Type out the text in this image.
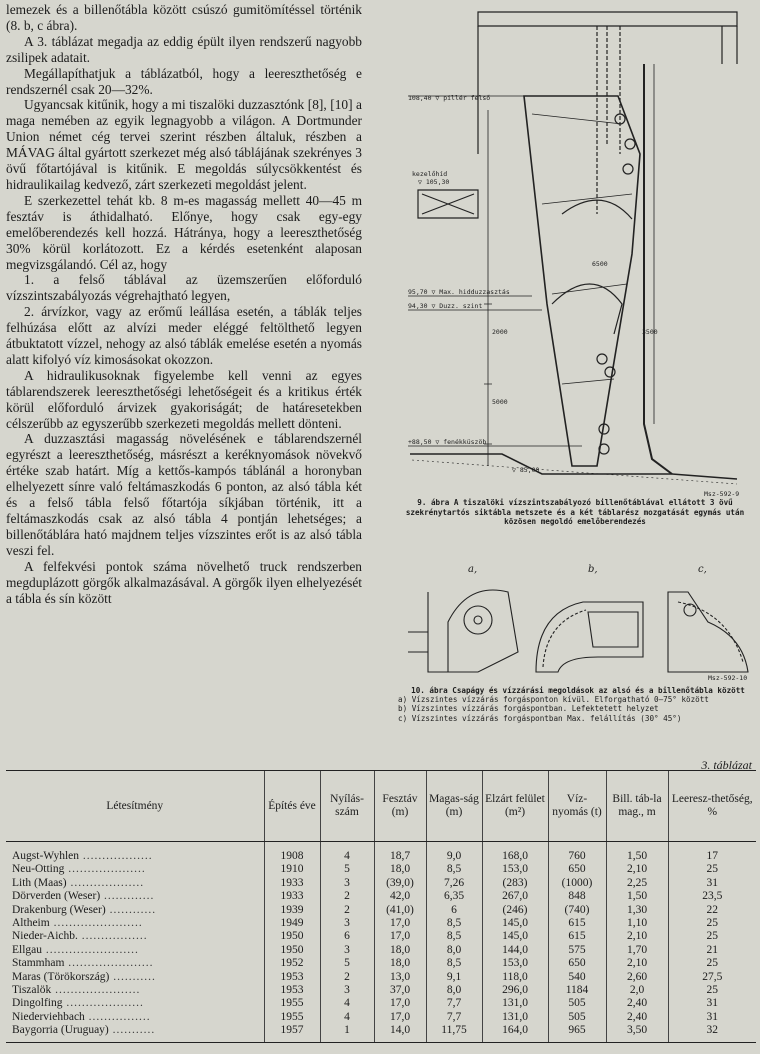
lemezek és a billenőtábla között csúszó gumitömítéssel történik (8. b, c ábra).

A 3. táblázat megadja az eddig épült ilyen rendszerű nagyobb zsilipek adatait.

Megállapíthatjuk a táblázatból, hogy a leereszthetőség e rendszernél csak 20—32%.

Ugyancsak kitűnik, hogy a mi tiszalöki duzzasztónk [8], [10] a maga nemében az egyik legnagyobb a világon. A Dortmunder Union német cég tervei szerint részben általuk, részben a MÁVAG által gyártott szerkezet még alsó táblájának szekrényes 3 övű főtartójával is kitűnik. E megoldás súlycsökkentést és hidraulikailag kedvező, zárt szerkezeti megoldást jelent.

E szerkezettel tehát kb. 8 m-es magasság mellett 40—45 m fesztáv is áthidalható. Előnye, hogy csak egy-egy emelőberendezés kell hozzá. Hátránya, hogy a leereszthetőség 30% körül korlátozott. Ez a kérdés esetenként alaposan megvizsgálandó. Cél az, hogy

1. a felső táblával az üzemszerűen előforduló vízszintszabályozás végrehajtható legyen,

2. árvízkor, vagy az erőmű leállása esetén, a táblák teljes felhúzása előtt az alvízi meder eléggé feltölthető legyen átbuktatott vízzel, nehogy az alsó táblák emelése esetén a nyomás alatt kifolyó víz kimosásokat okozzon.

A hidraulikusoknak figyelembe kell venni az egyes táblarendszerek leereszthetőségi lehetőségeit és a kritikus érték körül előforduló árvizek gyakoriságát; de határesetekben célszerűbb az egyszerűbb szerkezeti megoldás mellett dönteni.

A duzzasztási magasság növelésének e táblarendszernél egyrészt a leereszthetőség, másrészt a keréknyomások növekvő értéke szab határt. Míg a kettős-kampós táblánál a horonyban elhelyezett sínre való feltámaszkodás 6 ponton, az alsó tábla két és a felső tábla felső főtartója síkjában történik, itt a feltámaszkodás csak az alsó tábla 4 pontján lehetséges; a billenőtáblára ható majdnem teljes vízszintes erőt is az alsó tábla veszi fel.

A felfekvési pontok száma növelhető truck rendszerben megduplázott görgők alkalmazásával. A görgők ilyen elhelyezését a tábla és sín között

108,40 ▽ pillér felső
kezelőhíd
▽ 105,30
95,70 ▽ Max. hidduzzasztás
94,30 ▽ Duzz. szint
6500
2000
5000
3500
+88,50 ▽ fenékküszöb
▽ 85,00
Msz-592-9
9. ábra A tiszalöki vízszintszabályozó billenőtáblával ellátott 3 övű szekrénytartós siktábla metszete és a két táblarész mozgatását egymás után közösen megoldó emelőberendezés
a,	b,	c,
Msz-592-10
10. ábra Csapágy és vízzárási megoldások az alsó és a billenőtábla között
a) Vízszintes vízzárás forgásponton kívül. Elforgatható 0—75° között
b) Vízszintes vízzárás forgáspontban. Lefektetett helyzet
c) Vízszintes vízzárás forgáspontban Max. felállítás (30° 45°)
3. táblázat
Létesítmény	Építés éve	Nyílás-szám	Fesztáv (m)	Magas-ság (m)	Elzárt felület (m²)	Víz-nyomás (t)	Bill. táb-la mag., m	Leeresz-thetőség, %
Augst-Wyhlen ..................	1908	4	18,7	9,0	168,0	760	1,50	17
Neu-Otting ....................	1910	5	18,0	8,5	153,0	650	2,10	25
Lith (Maas) ...................	1933	3	(39,0)	7,26	(283)	(1000)	2,25	31
Dörverden (Weser) .............	1933	2	42,0	6,35	267,0	848	1,50	23,5
Drakenburg (Weser) ............	1939	2	(41,0)	6	(246)	(740)	1,30	22
Altheim .......................	1949	3	17,0	8,5	145,0	615	1,10	25
Nieder-Aichb. .................	1950	6	17,0	8,5	145,0	615	2,10	25
Ellgau ........................	1950	3	18,0	8,0	144,0	575	1,70	21
Stammham ......................	1952	5	18,0	8,5	153,0	650	2,10	25
Maras (Törökország) ...........	1953	2	13,0	9,1	118,0	540	2,60	27,5
Tiszalök ......................	1953	3	37,0	8,0	296,0	1184	2,0	25
Dingolfing ....................	1955	4	17,0	7,7	131,0	505	2,40	31
Niederviehbach ................	1955	4	17,0	7,7	131,0	505	2,40	31
Baygorria (Uruguay) ...........	1957	1	14,0	11,75	164,0	965	3,50	32
